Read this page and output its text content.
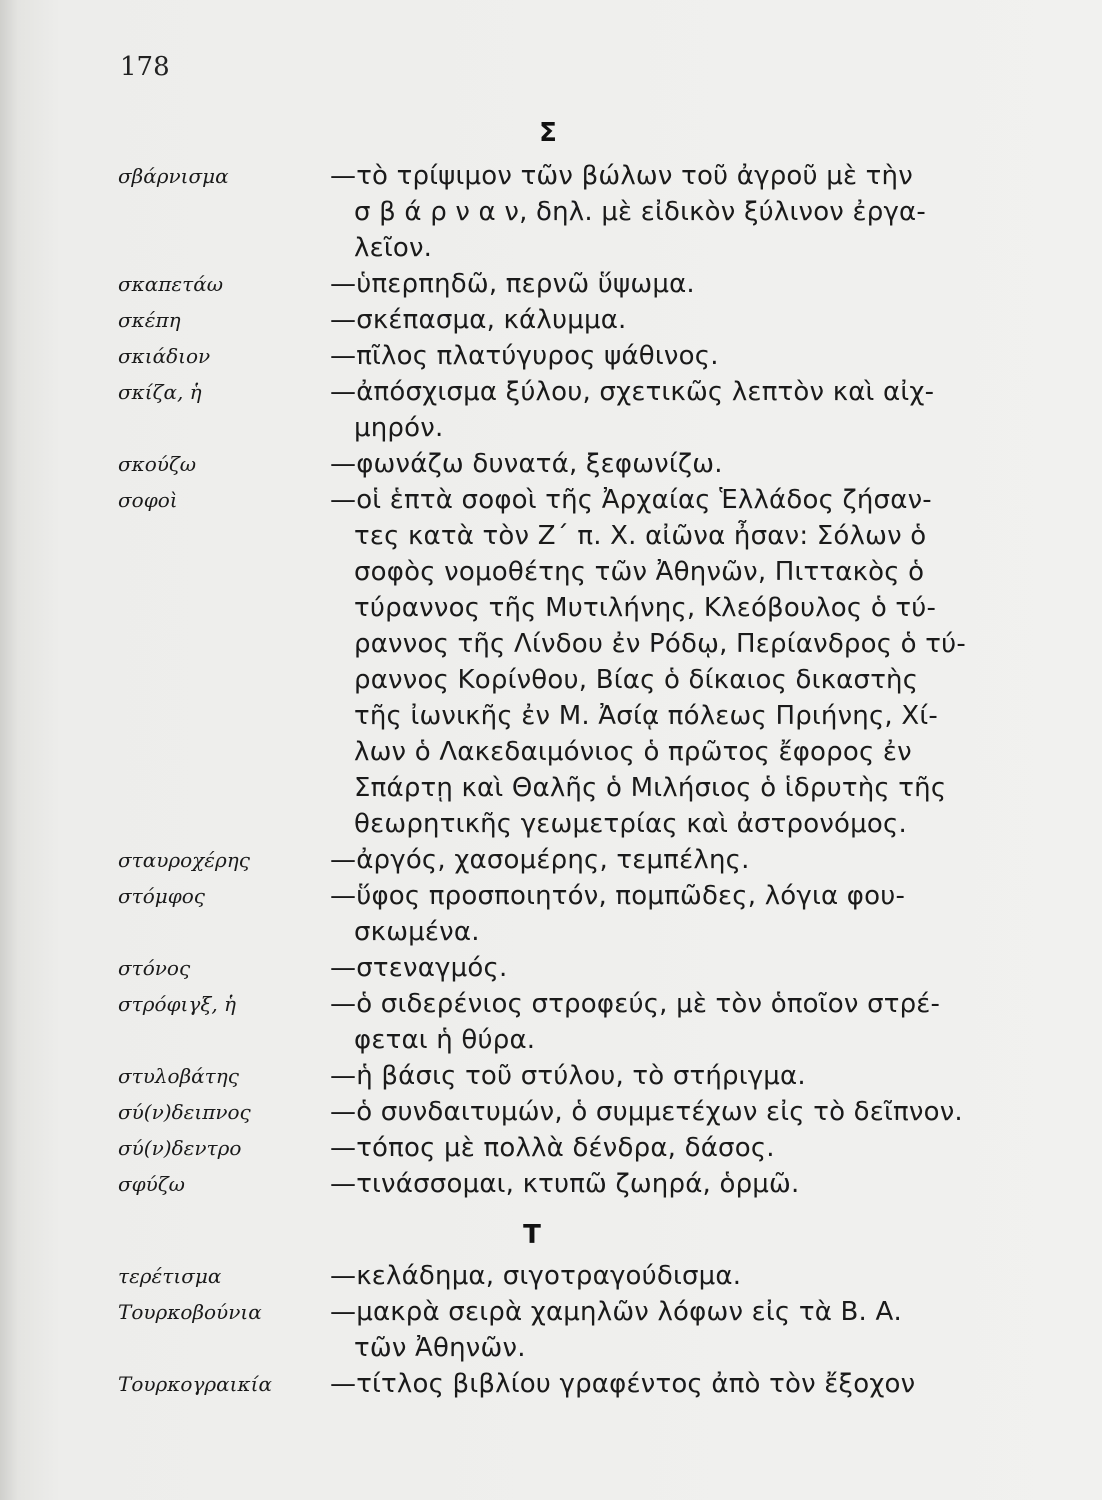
178
Σ
Τ
σβάρνισμα	—τὸ τρίψιμον τῶν βώλων τοῦ ἀγροῦ μὲ τὴν
σ β ά ρ ν α ν, δηλ. μὲ εἰδικὸν ξύλινον ἐργα-
λεῖον.
σκαπετάω	—ὑπερπηδῶ, περνῶ ὕψωμα.
σκέπη	—σκέπασμα, κάλυμμα.
σκιάδιον	—πῖλος πλατύγυρος ψάθινος.
σκίζα, ἡ	—ἀπόσχισμα ξύλου, σχετικῶς λεπτὸν καὶ αἰχ-
μηρόν.
σκούζω	—φωνάζω δυνατά, ξεφωνίζω.
σοφοὶ	—οἱ ἑπτὰ σοφοὶ τῆς Ἀρχαίας Ἑλλάδος ζήσαν-
τες κατὰ τὸν Ζ΄ π. Χ. αἰῶνα ἦσαν: Σόλων ὁ
σοφὸς νομοθέτης τῶν Ἀθηνῶν, Πιττακὸς ὁ
τύραννος τῆς Μυτιλήνης, Κλεόβουλος ὁ τύ-
ραννος τῆς Λίνδου ἐν Ρόδῳ, Περίανδρος ὁ τύ-
ραννος Κορίνθου, Βίας ὁ δίκαιος δικαστὴς
τῆς ἰωνικῆς ἐν Μ. Ἀσίᾳ πόλεως Πριήνης, Χί-
λων ὁ Λακεδαιμόνιος ὁ πρῶτος ἔφορος ἐν
Σπάρτῃ καὶ Θαλῆς ὁ Μιλήσιος ὁ ἱδρυτὴς τῆς
θεωρητικῆς γεωμετρίας καὶ ἀστρονόμος.
σταυροχέρης	—ἀργός, χασομέρης, τεμπέλης.
στόμφος	—ὕφος προσποιητόν, πομπῶδες, λόγια φου-
σκωμένα.
στόνος	—στεναγμός.
στρόφιγξ, ἡ	—ὁ σιδερένιος στροφεύς, μὲ τὸν ὁποῖον στρέ-
φεται ἡ θύρα.
στυλοβάτης	—ἡ βάσις τοῦ στύλου, τὸ στήριγμα.
σύ(ν)δειπνος	—ὁ συνδαιτυμών, ὁ συμμετέχων εἰς τὸ δεῖπνον.
σύ(ν)δεντρο	—τόπος μὲ πολλὰ δένδρα, δάσος.
σφύζω	—τινάσσομαι, κτυπῶ ζωηρά, ὁρμῶ.
τερέτισμα	—κελάδημα, σιγοτραγούδισμα.
Τουρκοβούνια	—μακρὰ σειρὰ χαμηλῶν λόφων εἰς τὰ Β. Α.
τῶν Ἀθηνῶν.
Τουρκογραικία —τίτλος βιβλίου γραφέντος ἀπὸ τὸν ἔξοχον
